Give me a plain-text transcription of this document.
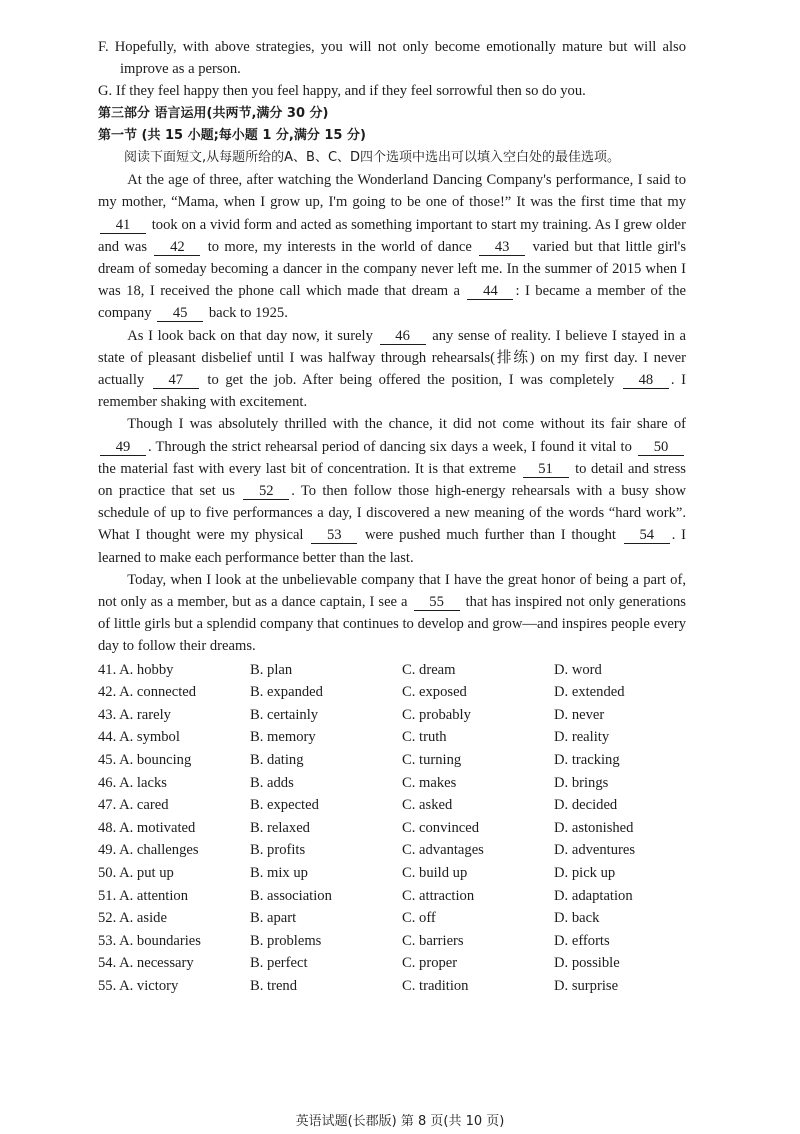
F. Hopefully, with above strategies, you will not only become emotionally mature but will also improve as a person.
G. If they feel happy then you feel happy, and if they feel sorrowful then so do you.
第三部分 语言运用(共两节,满分 30 分)
第一节 (共 15 小题;每小题 1 分,满分 15 分)
阅读下面短文,从每题所给的A、B、C、D四个选项中选出可以填入空白处的最佳选项。
At the age of three, after watching the Wonderland Dancing Company's performance, I said to my mother, “Mama, when I grow up, I'm going to be one of those!” It was the first time that my 41 took on a vivid form and acted as something important to start my training. As I grew older and was 42 to more, my interests in the world of dance 43 varied but that little girl's dream of someday becoming a dancer in the company never left me. In the summer of 2015 when I was 18, I received the phone call which made that dream a 44 : I became a member of the company 45 back to 1925.
As I look back on that day now, it surely 46 any sense of reality. I believe I stayed in a state of pleasant disbelief until I was halfway through rehearsals(排练) on my first day. I never actually 47 to get the job. After being offered the position, I was completely 48 . I remember shaking with excitement.
Though I was absolutely thrilled with the chance, it did not come without its fair share of 49 . Through the strict rehearsal period of dancing six days a week, I found it vital to 50 the material fast with every last bit of concentration. It is that extreme 51 to detail and stress on practice that set us 52 . To then follow those high-energy rehearsals with a busy show schedule of up to five performances a day, I discovered a new meaning of the words “hard work”. What I thought were my physical 53 were pushed much further than I thought 54 . I learned to make each performance better than the last.
Today, when I look at the unbelievable company that I have the great honor of being a part of, not only as a member, but as a dance captain, I see a 55 that has inspired not only generations of little girls but a splendid company that continues to develop and grow—and inspires people every day to follow their dreams.
41. A. hobby	B. plan	C. dream	D. word
42. A. connected	B. expanded	C. exposed	D. extended
43. A. rarely	B. certainly	C. probably	D. never
44. A. symbol	B. memory	C. truth	D. reality
45. A. bouncing	B. dating	C. turning	D. tracking
46. A. lacks	B. adds	C. makes	D. brings
47. A. cared	B. expected	C. asked	D. decided
48. A. motivated	B. relaxed	C. convinced	D. astonished
49. A. challenges	B. profits	C. advantages	D. adventures
50. A. put up	B. mix up	C. build up	D. pick up
51. A. attention	B. association	C. attraction	D. adaptation
52. A. aside	B. apart	C. off	D. back
53. A. boundaries	B. problems	C. barriers	D. efforts
54. A. necessary	B. perfect	C. proper	D. possible
55. A. victory	B. trend	C. tradition	D. surprise
英语试题(长郡版) 第 8 页(共 10 页)
